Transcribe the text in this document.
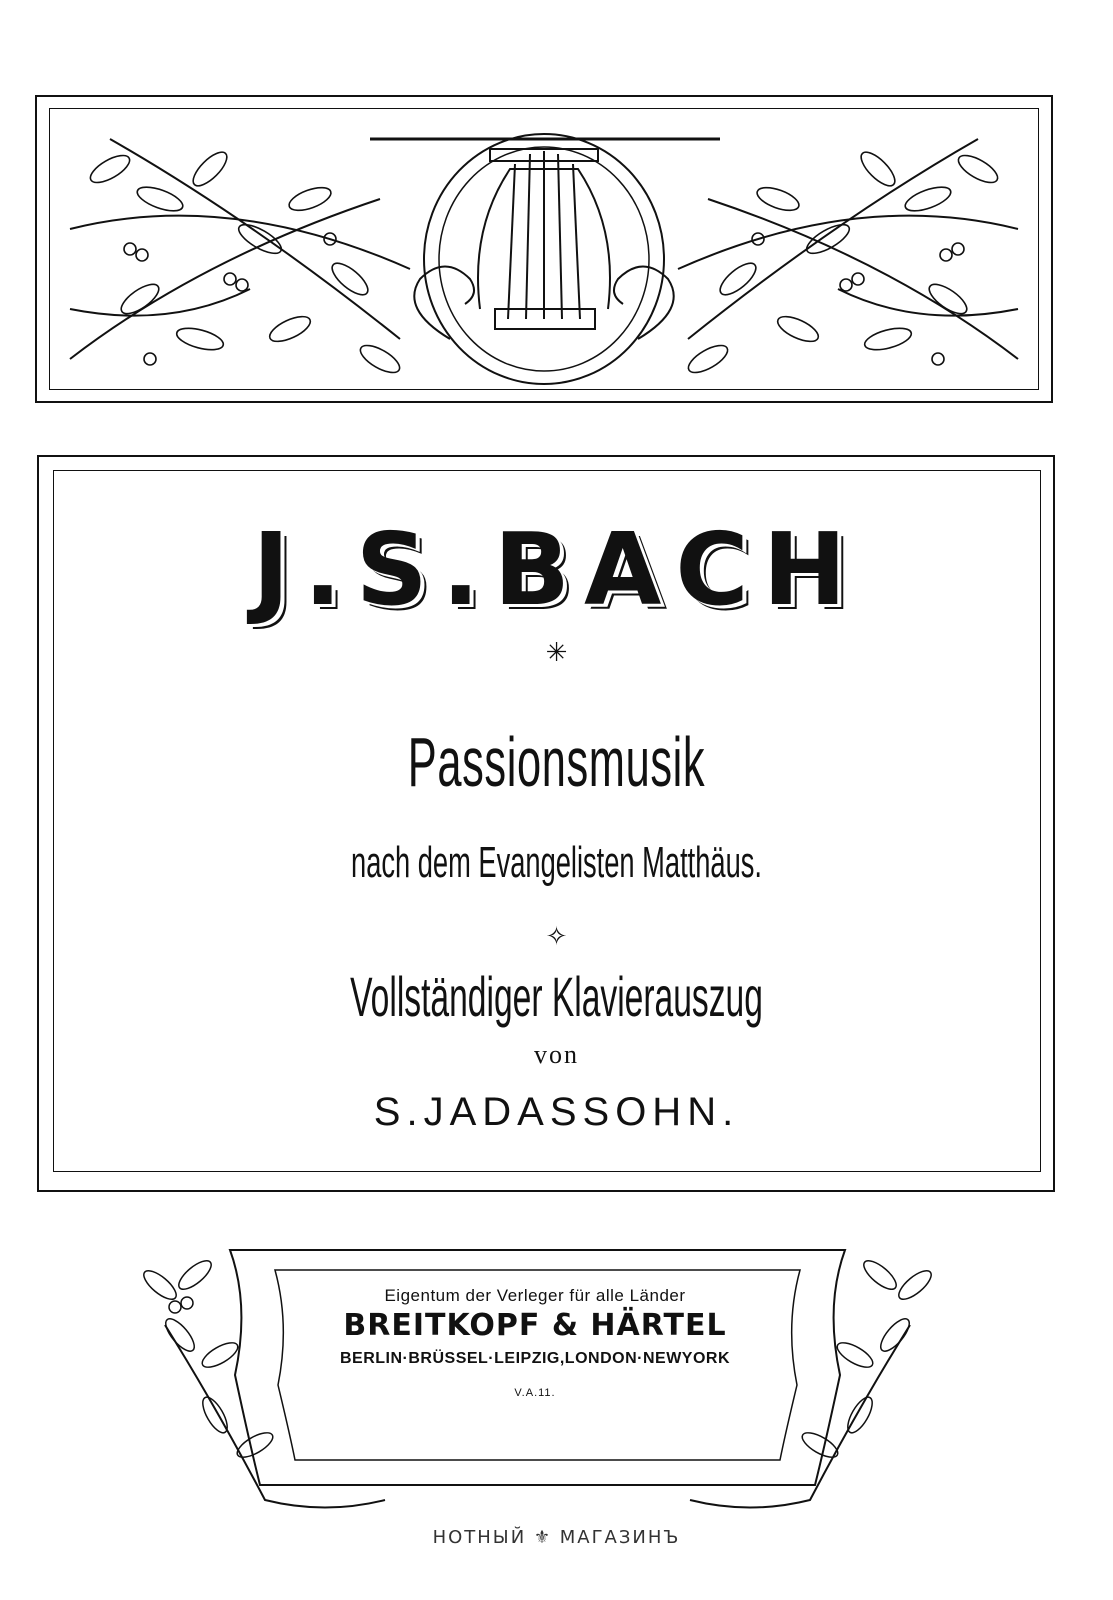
J.S.BACH
✳
Passionsmusik
nach dem Evangelisten Matthäus.
✧
Vollständiger Klavierauszug
von
S.JADASSOHN.
Eigentum der Verleger für alle Länder
BREITKOPF & HÄRTEL
BERLIN·BRÜSSEL·LEIPZIG,LONDON·NEWYORK
V.A.11.
НОТНЫЙ ⚜ МАГАЗИНЪ
